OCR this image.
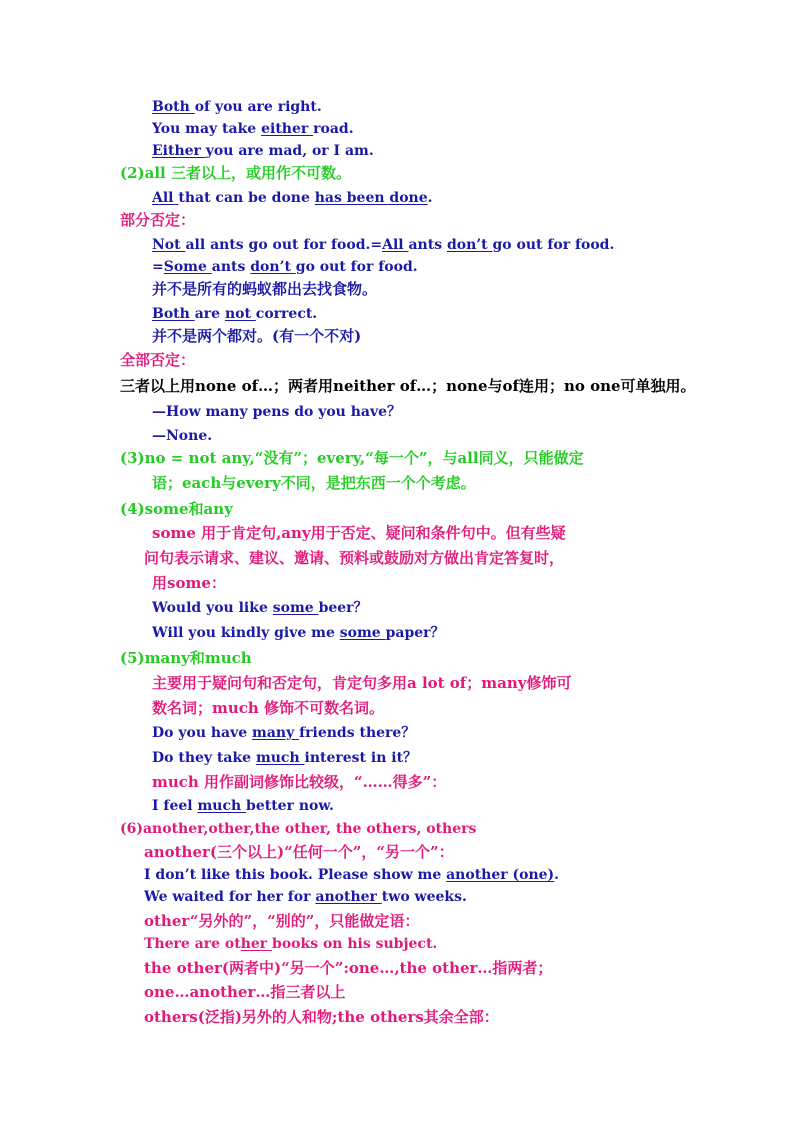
Both of you are right.
You may take either road.
Either you are mad, or I am.
(2)all 三者以上，或用作不可数。
All that can be done has been done.
部分否定：
Not all ants go out for food.=All ants don’t go out for food.
=Some ants don’t go out for food.
并不是所有的蚂蚁都出去找食物。
Both are not correct.
并不是两个都对。(有一个不对)
全部否定：
三者以上用none of…；两者用neither of…；none与of连用；no one可单独用。
—How many pens do you have？
—None.
(3)no = not any,“没有”；every,“每一个”，与all同义，只能做定
语；each与every不同，是把东西一个个考虑。
(4)some和any
some 用于肯定句,any用于否定、疑问和条件句中。但有些疑
问句表示请求、建议、邀请、预料或鼓励对方做出肯定答复时，
用some：
Would you like some beer？
Will you kindly give me some paper？
(5)many和much
主要用于疑问句和否定句，肯定句多用a lot of；many修饰可
数名词；much 修饰不可数名词。
Do you have many friends there？
Do they take much interest in it？
much 用作副词修饰比较级，“……得多”：
I feel much better now.
(6)another,other,the other, the others, others
another(三个以上)“任何一个”，“另一个”：
I don’t like this book. Please show me another (one).
We waited for her for another two weeks.
other“另外的”，“别的”，只能做定语：
There are other books on his subject.
the other(两者中)“另一个”:one…,the other…指两者；
one…another…指三者以上
others(泛指)另外的人和物;the others其余全部：
